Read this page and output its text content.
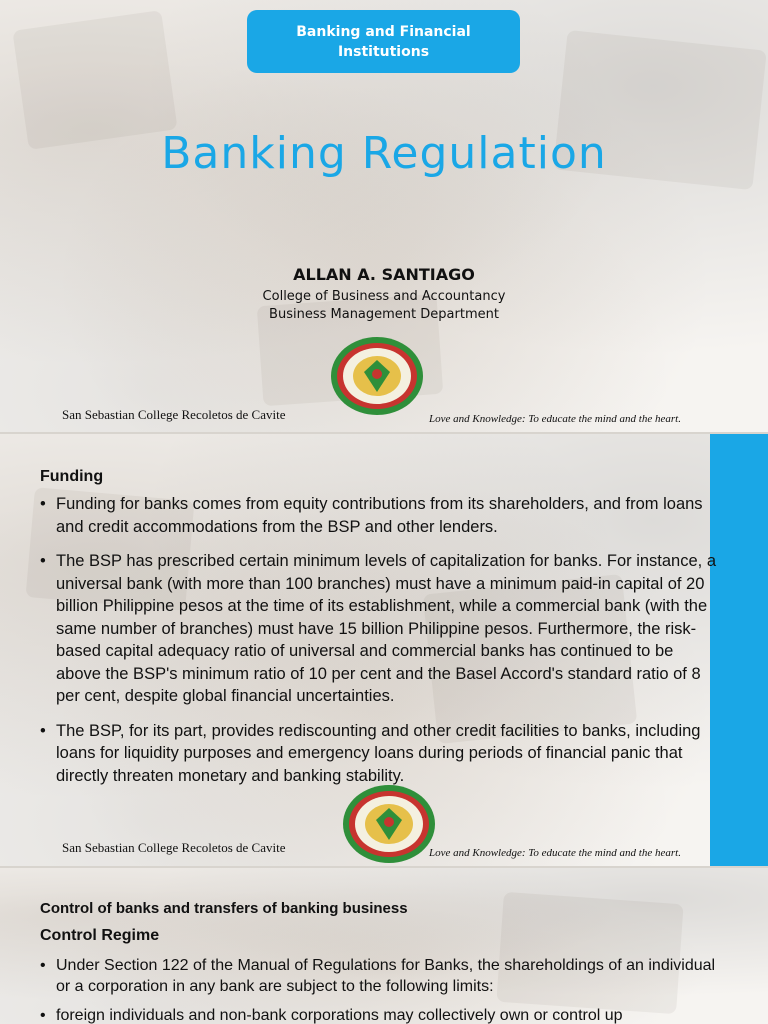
Banking and Financial Institutions
Banking Regulation
ALLAN A. SANTIAGO
College of Business and Accountancy
Business Management Department
San Sebastian College Recoletos de Cavite	Love and Knowledge: To educate the mind and the heart.
Funding
• Funding for banks comes from equity contributions from its shareholders, and from loans and credit accommodations from the BSP and other lenders.
• The BSP has prescribed certain minimum levels of capitalization for banks. For instance, a universal bank (with more than 100 branches) must have a minimum paid-in capital of 20 billion Philippine pesos at the time of its establishment, while a commercial bank (with the same number of branches) must have 15 billion Philippine pesos. Furthermore, the risk-based capital adequacy ratio of universal and commercial banks has continued to be above the BSP's minimum ratio of 10 per cent and the Basel Accord's standard ratio of 8 per cent, despite global financial uncertainties.
• The BSP, for its part, provides rediscounting and other credit facilities to banks, including loans for liquidity purposes and emergency loans during periods of financial panic that directly threaten monetary and banking stability.
San Sebastian College Recoletos de Cavite	Love and Knowledge: To educate the mind and the heart.
Control of banks and transfers of banking business
Control Regime
• Under Section 122 of the Manual of Regulations for Banks, the shareholdings of an individual or a corporation in any bank are subject to the following limits:
• foreign individuals and non-bank corporations may collectively own or control up
